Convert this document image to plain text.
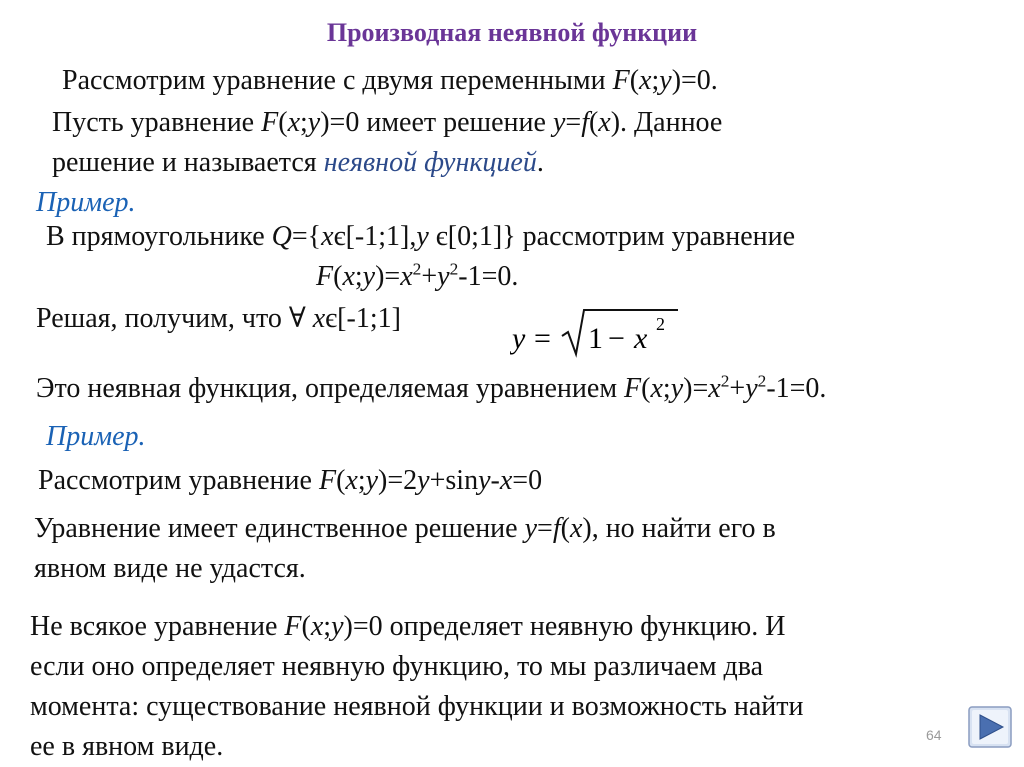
Производная неявной функции
Рассмотрим уравнение с двумя переменными F(x;y)=0.
Пусть уравнение F(x;y)=0 имеет решение y=f(x). Данное
решение и называется неявной функцией.
Пример.
В прямоугольнике Q={xє[-1;1],y є[0;1]} рассмотрим уравнение
$F(x;y)=x^2+y^2-1=0$.
Решая, получим, что ∀ xє[-1;1]
y = 1 − x 2
Это неявная функция, определяемая уравнением $F(x;y)=x^2+y^2-1=0$.
Пример.
Рассмотрим уравнение F(x;y)=2y+siny-x=0
Уравнение имеет единственное решение y=f(x), но найти его в
явном виде не удастся.
Не всякое уравнение F(x;y)=0 определяет неявную функцию. И
если оно определяет неявную функцию, то мы различаем два
момента: существование неявной функции и возможность найти
ее в явном виде.	64
